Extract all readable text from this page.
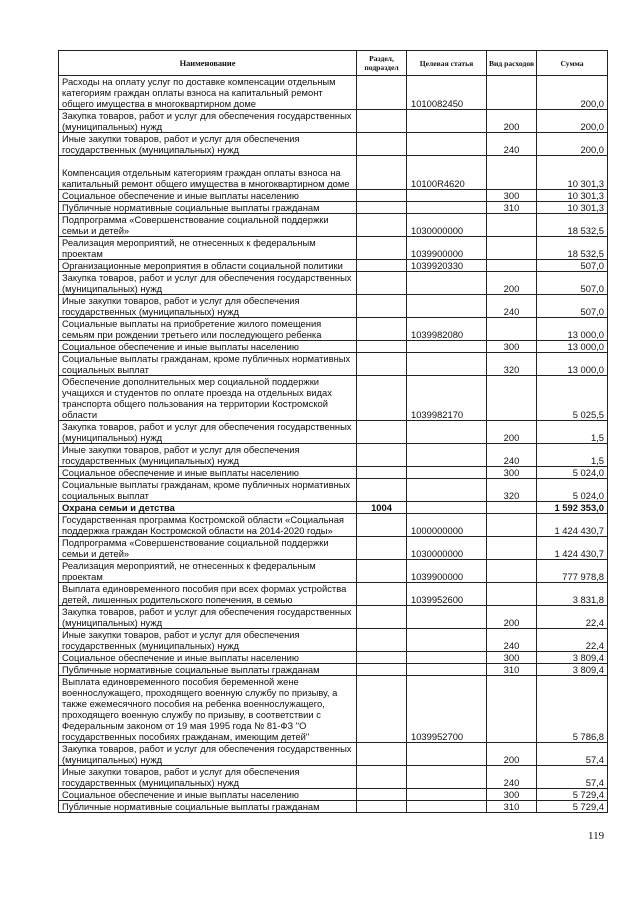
Наименование	Раздел, подраздел	Целевая статья	Вид расходов	Сумма
Расходы на оплату услуг по доставке компенсации отдельным категориям граждан оплаты взноса на капитальный ремонт общего имущества в многоквартирном доме		1010082450		200,0
Закупка товаров, работ и услуг для обеспечения государственных (муниципальных) нужд			200	200,0
Иные закупки товаров, работ и услуг для обеспечения государственных (муниципальных) нужд			240	200,0
Компенсация отдельным категориям граждан оплаты взноса на капитальный ремонт общего имущества в многоквартирном доме		10100R4620		10 301,3
Социальное обеспечение и иные выплаты населению			300	10 301,3
Публичные нормативные социальные выплаты гражданам			310	10 301,3
Подпрограмма «Совершенствование социальной поддержки семьи и детей»		1030000000		18 532,5
Реализация мероприятий, не отнесенных к федеральным проектам		1039900000		18 532,5
Организационные мероприятия в области социальной политики		1039920330		507,0
Закупка товаров, работ и услуг для обеспечения государственных (муниципальных) нужд			200	507,0
Иные закупки товаров, работ и услуг для обеспечения государственных (муниципальных) нужд			240	507,0
Социальные выплаты на приобретение жилого помещения семьям при рождении третьего или последующего ребенка		1039982080		13 000,0
Социальное обеспечение и иные выплаты населению			300	13 000,0
Социальные выплаты гражданам, кроме публичных нормативных социальных выплат			320	13 000,0
Обеспечение дополнительных мер социальной поддержки учащихся и студентов по оплате проезда на отдельных видах транспорта общего пользования на территории Костромской области		1039982170		5 025,5
Закупка товаров, работ и услуг для обеспечения государственных (муниципальных) нужд			200	1,5
Иные закупки товаров, работ и услуг для обеспечения государственных (муниципальных) нужд			240	1,5
Социальное обеспечение и иные выплаты населению			300	5 024,0
Социальные выплаты гражданам, кроме публичных нормативных социальных выплат			320	5 024,0
Охрана семьи и детства	1004			1 592 353,0
Государственная программа Костромской области «Социальная поддержка граждан Костромской области на 2014-2020 годы»		1000000000		1 424 430,7
Подпрограмма «Совершенствование социальной поддержки семьи и детей»		1030000000		1 424 430,7
Реализация мероприятий, не отнесенных к федеральным проектам		1039900000		777 978,8
Выплата единовременного пособия при всех формах устройства детей, лишенных родительского попечения, в семью		1039952600		3 831,8
Закупка товаров, работ и услуг для обеспечения государственных (муниципальных) нужд			200	22,4
Иные закупки товаров, работ и услуг для обеспечения государственных (муниципальных) нужд			240	22,4
Социальное обеспечение и иные выплаты населению			300	3 809,4
Публичные нормативные социальные выплаты гражданам			310	3 809,4
Выплата единовременного пособия беременной жене военнослужащего, проходящего военную службу по призыву, а также ежемесячного пособия на ребенка военнослужащего, проходящего военную службу по призыву, в соответствии с Федеральным законом от 19 мая 1995 года № 81-ФЗ "О государственных пособиях гражданам, имеющим детей"		1039952700		5 786,8
Закупка товаров, работ и услуг для обеспечения государственных (муниципальных) нужд			200	57,4
Иные закупки товаров, работ и услуг для обеспечения государственных (муниципальных) нужд			240	57,4
Социальное обеспечение и иные выплаты населению			300	5 729,4
Публичные нормативные социальные выплаты гражданам			310	5 729,4
119
